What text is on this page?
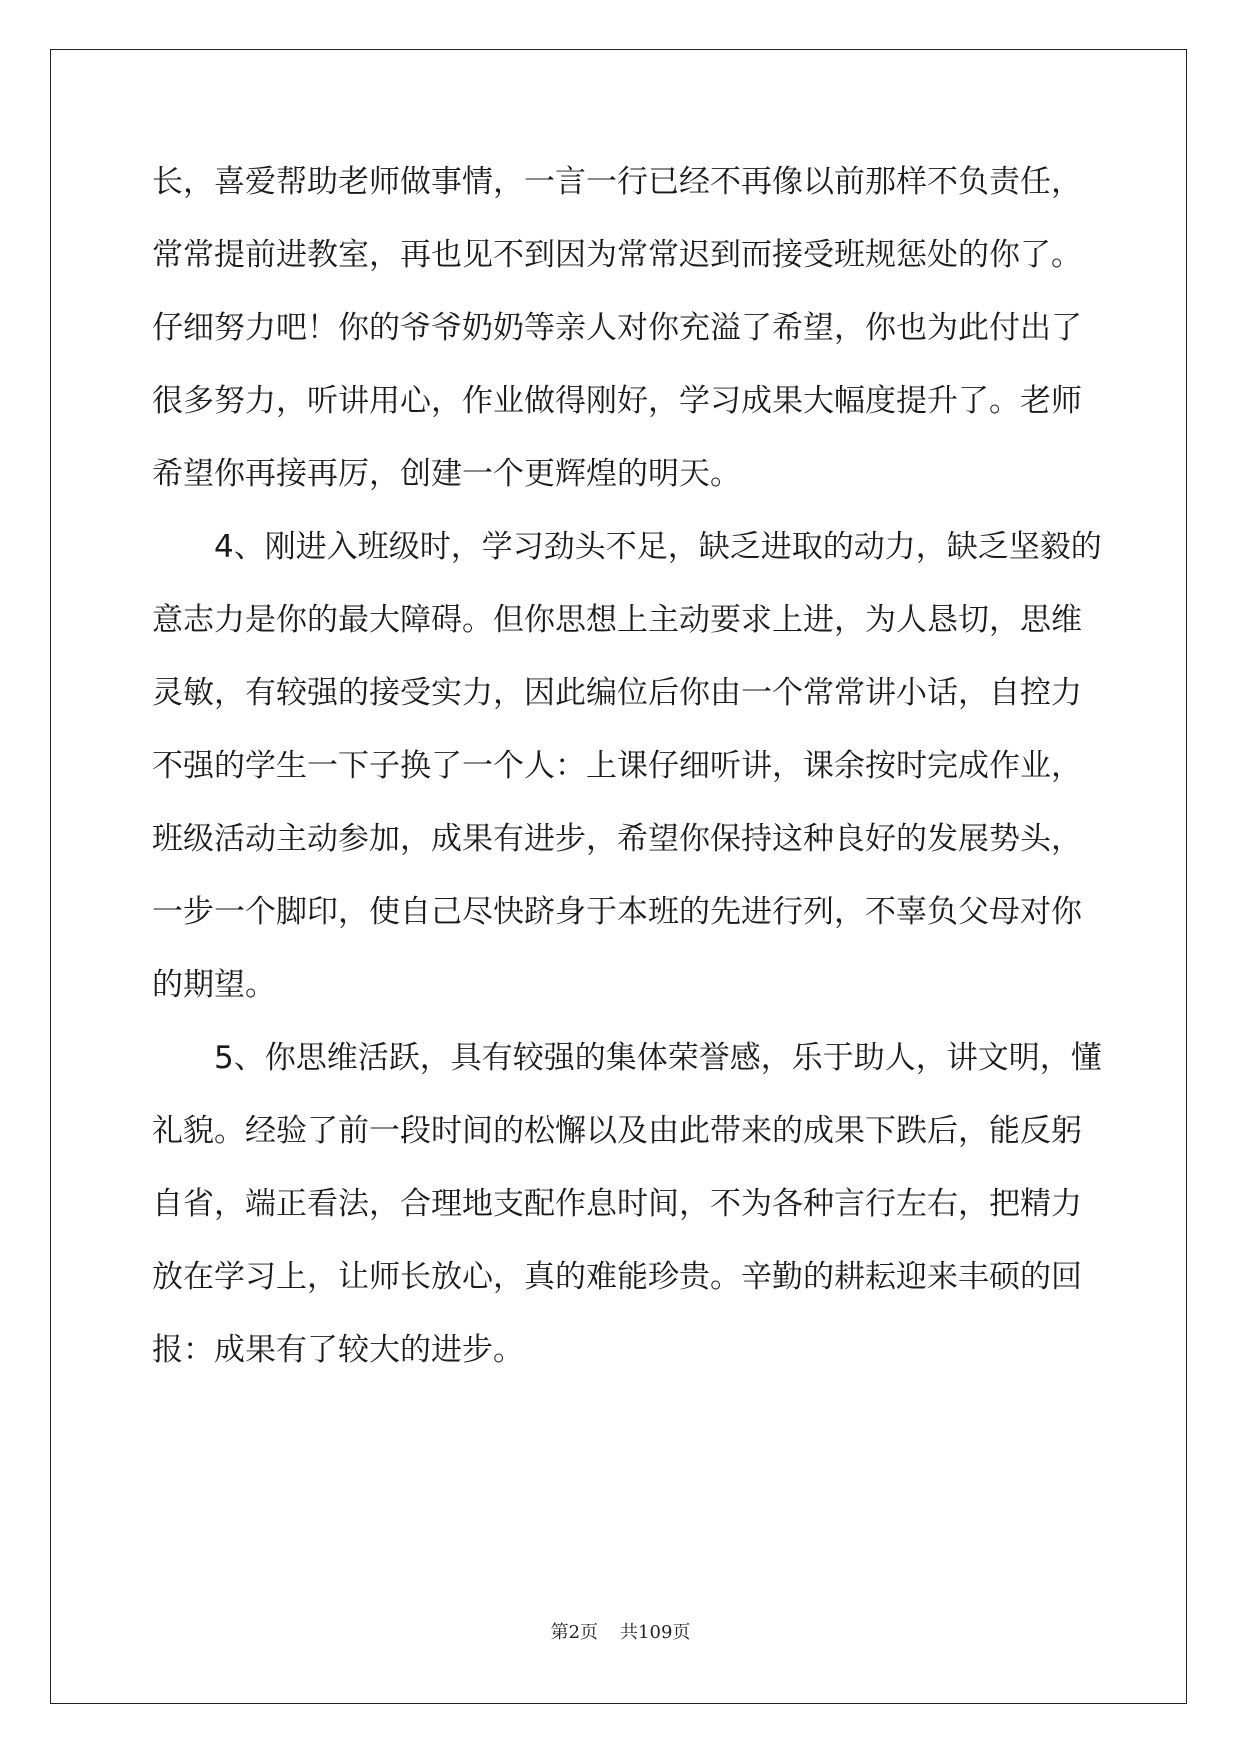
长，喜爱帮助老师做事情，一言一行已经不再像以前那样不负责任，
常常提前进教室，再也见不到因为常常迟到而接受班规惩处的你了。
仔细努力吧！你的爷爷奶奶等亲人对你充溢了希望，你也为此付出了
很多努力，听讲用心，作业做得刚好，学习成果大幅度提升了。老师
希望你再接再厉，创建一个更辉煌的明天。
　　4、刚进入班级时，学习劲头不足，缺乏进取的动力，缺乏坚毅的
意志力是你的最大障碍。但你思想上主动要求上进，为人恳切，思维
灵敏，有较强的接受实力，因此编位后你由一个常常讲小话，自控力
不强的学生一下子换了一个人：上课仔细听讲，课余按时完成作业，
班级活动主动参加，成果有进步，希望你保持这种良好的发展势头，
一步一个脚印，使自己尽快跻身于本班的先进行列，不辜负父母对你
的期望。
　　5、你思维活跃，具有较强的集体荣誉感，乐于助人，讲文明，懂
礼貌。经验了前一段时间的松懈以及由此带来的成果下跌后，能反躬
自省，端正看法，合理地支配作息时间，不为各种言行左右，把精力
放在学习上，让师长放心，真的难能珍贵。辛勤的耕耘迎来丰硕的回
报：成果有了较大的进步。
第2页 共109页
